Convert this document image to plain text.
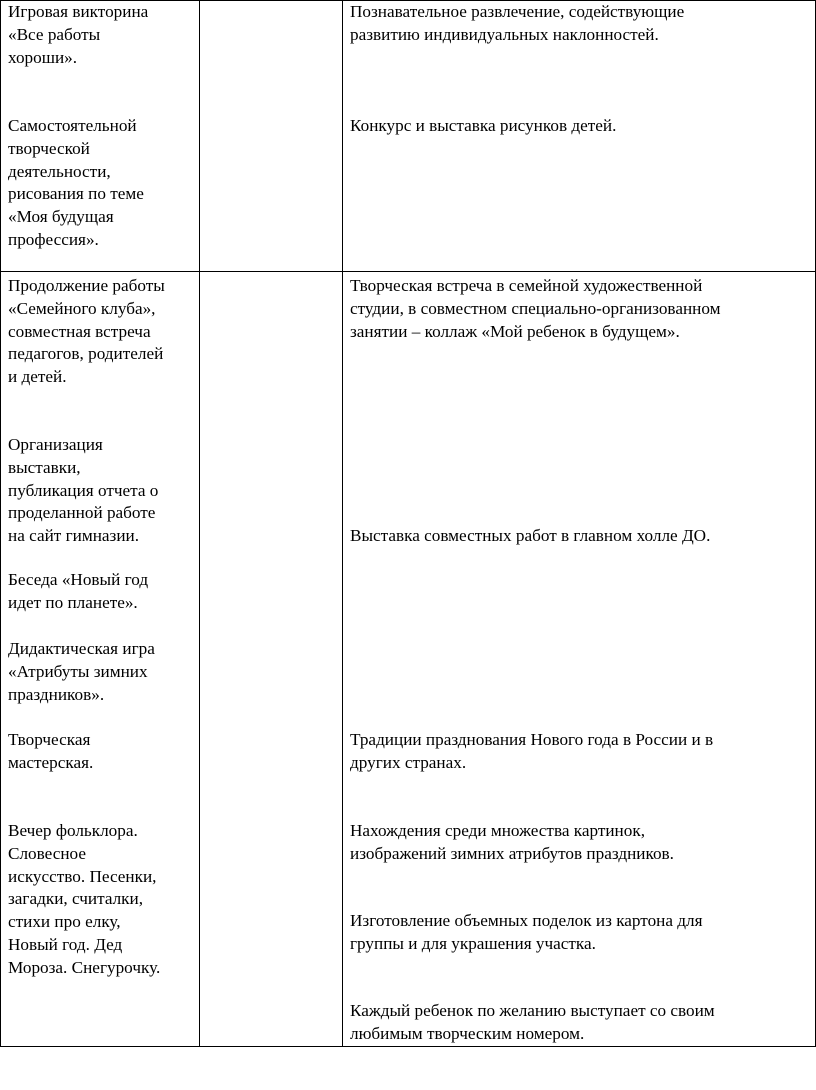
Игровая викторина
«Все работы
хороши».
Самостоятельной
творческой
деятельности,
рисования по теме
«Моя будущая
профессия».
Познавательное развлечение, содействующие
развитию индивидуальных наклонностей.
Конкурс и выставка рисунков детей.
Продолжение работы
«Семейного клуба»,
совместная встреча
педагогов, родителей
и детей.
Организация
выставки,
публикация отчета о
проделанной работе
на сайт гимназии.
Беседа «Новый год
идет по планете».
Дидактическая игра
«Атрибуты зимних
праздников».
Творческая
мастерская.
Вечер фольклора.
Словесное
искусство. Песенки,
загадки, считалки,
стихи про елку,
Новый год. Дед
Мороза. Снегурочку.
Творческая встреча в семейной художественной
студии, в совместном специально-организованном
занятии – коллаж «Мой ребенок в будущем».
Выставка совместных работ в главном холле ДО.
Традиции празднования Нового года в России и в
других странах.
Нахождения среди множества картинок,
изображений зимних атрибутов праздников.
Изготовление объемных поделок из картона для
группы и для украшения участка.
Каждый ребенок по желанию выступает со своим
любимым творческим номером.
